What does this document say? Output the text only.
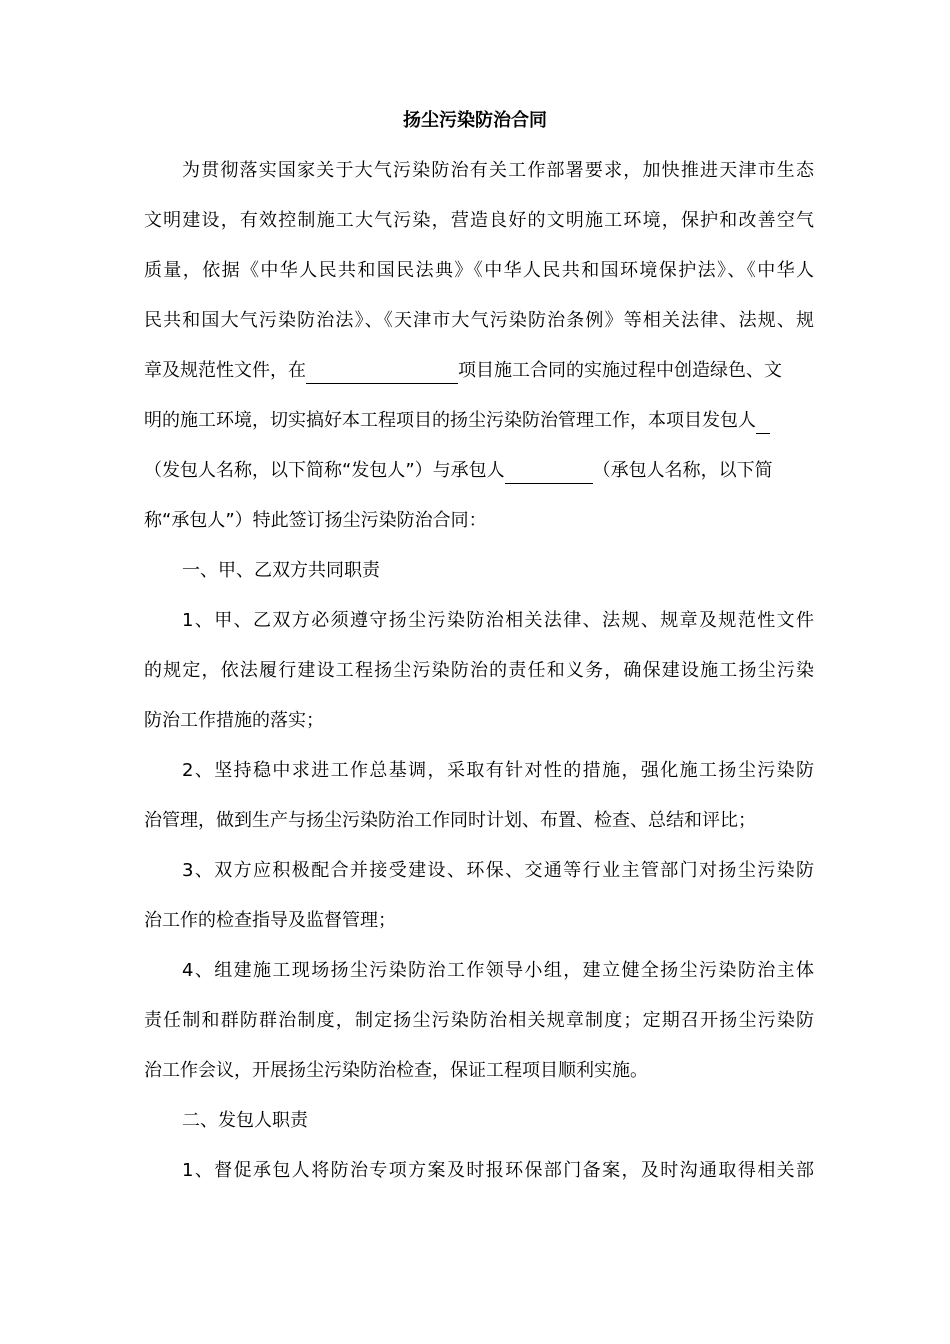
扬尘污染防治合同
为贯彻落实国家关于大气污染防治有关工作部署要求，加快推进天津市生态
文明建设，有效控制施工大气污染，营造良好的文明施工环境，保护和改善空气
质量，依据《中华人民共和国民法典》《中华人民共和国环境保护法》、《中华人
民共和国大气污染防治法》、《天津市大气污染防治条例》等相关法律、法规、规
章及规范性文件，在	项目施工合同的实施过程中创造绿色、文
明的施工环境，切实搞好本工程项目的扬尘污染防治管理工作，本项目发包人
（发包人名称，以下简称“发包人”）与承包人	（承包人名称，以下简
称“承包人”）特此签订扬尘污染防治合同：
一、甲、乙双方共同职责
1、甲、乙双方必须遵守扬尘污染防治相关法律、法规、规章及规范性文件
的规定，依法履行建设工程扬尘污染防治的责任和义务，确保建设施工扬尘污染
防治工作措施的落实；
2、坚持稳中求进工作总基调，采取有针对性的措施，强化施工扬尘污染防
治管理，做到生产与扬尘污染防治工作同时计划、布置、检查、总结和评比；
3、双方应积极配合并接受建设、环保、交通等行业主管部门对扬尘污染防
治工作的检查指导及监督管理；
4、组建施工现场扬尘污染防治工作领导小组，建立健全扬尘污染防治主体
责任制和群防群治制度，制定扬尘污染防治相关规章制度；定期召开扬尘污染防
治工作会议，开展扬尘污染防治检查，保证工程项目顺利实施。
二、发包人职责
1、督促承包人将防治专项方案及时报环保部门备案，及时沟通取得相关部
